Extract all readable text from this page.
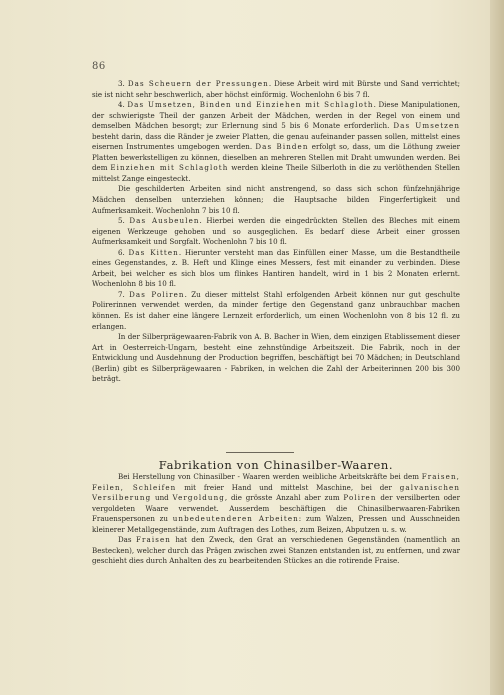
86

3. Das Scheuern der Pressungen. Diese Arbeit wird mit Bürste und Sand verrichtet; sie ist nicht sehr beschwerlich, aber höchst einförmig. Wochenlohn 6 bis 7 fl.

4. Das Umsetzen, Binden und Einziehen mit Schlagloth. Diese Manipulationen, der schwierigste Theil der ganzen Arbeit der Mädchen, werden in der Regel von einem und demselben Mädchen besorgt; zur Erlernung sind 5 bis 6 Monate erforderlich. Das Umsetzen besteht darin, dass die Ränder je zweier Platten, die genau aufeinander passen sollen, mittelst eines eisernen Instrumentes umgebogen werden. Das Binden erfolgt so, dass, um die Löthung zweier Platten bewerkstelligen zu können, dieselben an mehreren Stellen mit Draht umwunden werden. Bei dem Einziehen mit Schlagloth werden kleine Theile Silberloth in die zu verlöthenden Stellen mittelst Zange eingesteckt.

Die geschilderten Arbeiten sind nicht anstrengend, so dass sich schon fünfzehnjährige Mädchen denselben unterziehen können; die Hauptsache bilden Fingerfertigkeit und Aufmerksamkeit. Wochenlohn 7 bis 10 fl.

5. Das Ausbeulen. Hierbei werden die eingedrückten Stellen des Bleches mit einem eigenen Werkzeuge gehoben und so ausgeglichen. Es bedarf diese Arbeit einer grossen Aufmerksamkeit und Sorgfalt. Wochenlohn 7 bis 10 fl.

6. Das Kitten. Hierunter versteht man das Einfüllen einer Masse, um die Bestandtheile eines Gegenstandes, z. B. Heft und Klinge eines Messers, fest mit einander zu verbinden. Diese Arbeit, bei welcher es sich blos um flinkes Hantiren handelt, wird in 1 bis 2 Monaten erlernt. Wochenlohn 8 bis 10 fl.

7. Das Poliren. Zu dieser mittelst Stahl erfolgenden Arbeit können nur gut geschulte Polirerinnen verwendet werden, da minder fertige den Gegenstand ganz unbrauchbar machen können. Es ist daher eine längere Lernzeit erforderlich, um einen Wochenlohn von 8 bis 12 fl. zu erlangen.

In der Silberprägewaaren-Fabrik von A. B. Bacher in Wien, dem einzigen Etablissement dieser Art in Oesterreich-Ungarn, besteht eine zehnstündige Arbeitszeit. Die Fabrik, noch in der Entwicklung und Ausdehnung der Production begriffen, beschäftigt bei 70 Mädchen; in Deutschland (Berlin) gibt es Silberprägewaaren - Fabriken, in welchen die Zahl der Arbeiterinnen 200 bis 300 beträgt.

Fabrikation von Chinasilber-Waaren.

Bei Herstellung von Chinasilber - Waaren werden weibliche Arbeitskräfte bei dem Fraisen, Feilen, Schleifen mit freier Hand und mittelst Maschine, bei der galvanischen Versilberung und Vergoldung, die grösste Anzahl aber zum Poliren der versilberten oder vergoldeten Waare verwendet. Ausserdem beschäftigen die Chinasilberwaaren-Fabriken Frauenspersonen zu unbedeutenderen Arbeiten: zum Walzen, Pressen und Ausschneiden kleinerer Metallgegenstände, zum Auftragen des Lothes, zum Beizen, Abputzen u. s. w.

Das Fraisen hat den Zweck, den Grat an verschiedenen Gegenständen (namentlich an Bestecken), welcher durch das Prägen zwischen zwei Stanzen entstanden ist, zu entfernen, und zwar geschieht dies durch Anhalten des zu bearbeitenden Stückes an die rotirende Fraise.
